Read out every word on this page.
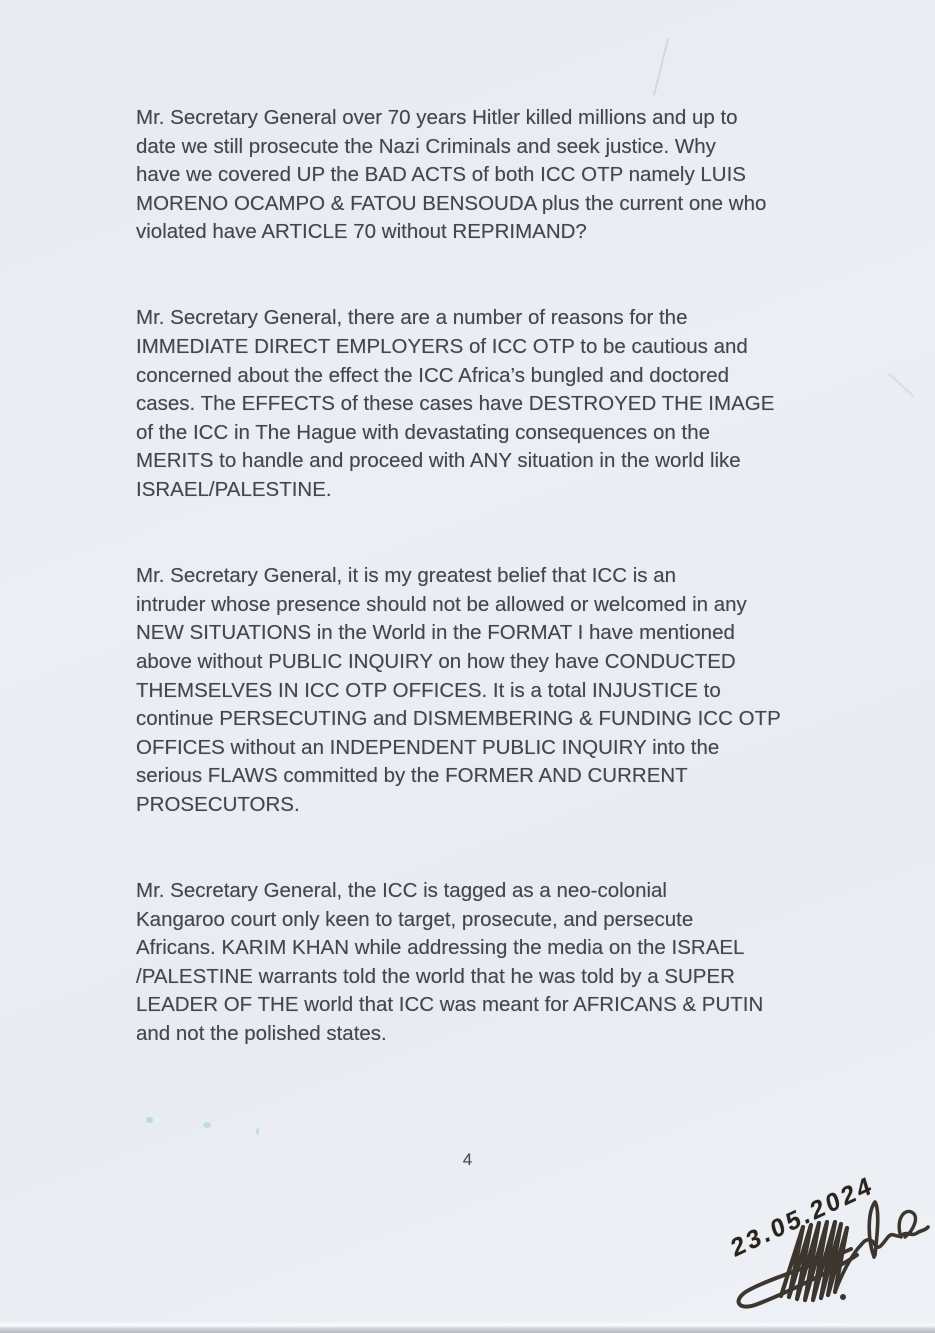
Mr. Secretary General over 70 years Hitler killed millions and up to
date we still prosecute the Nazi Criminals and seek justice. Why
have we covered UP the BAD ACTS of both ICC OTP namely LUIS
MORENO OCAMPO & FATOU BENSOUDA plus the current one who
violated have ARTICLE 70 without REPRIMAND?

Mr. Secretary General, there are a number of reasons for the
IMMEDIATE DIRECT EMPLOYERS of ICC OTP to be cautious and
concerned about the effect the ICC Africa’s bungled and doctored
cases. The EFFECTS of these cases have DESTROYED THE IMAGE
of the ICC in The Hague with devastating consequences on the
MERITS to handle and proceed with ANY situation in the world like
ISRAEL/PALESTINE.

Mr. Secretary General, it is my greatest belief that ICC is an
intruder whose presence should not be allowed or welcomed in any
NEW SITUATIONS in the World in the FORMAT I have mentioned
above without PUBLIC INQUIRY on how they have CONDUCTED
THEMSELVES IN ICC OTP OFFICES. It is a total INJUSTICE to
continue PERSECUTING and DISMEMBERING & FUNDING ICC OTP
OFFICES without an INDEPENDENT PUBLIC INQUIRY into the
serious FLAWS committed by the FORMER AND CURRENT
PROSECUTORS.

Mr. Secretary General, the ICC is tagged as a neo-colonial
Kangaroo court only keen to target, prosecute, and persecute
Africans. KARIM KHAN while addressing the media on the ISRAEL
/PALESTINE warrants told the world that he was told by a SUPER
LEADER OF THE world that ICC was meant for AFRICANS & PUTIN
and not the polished states.

4
23.05.2024
